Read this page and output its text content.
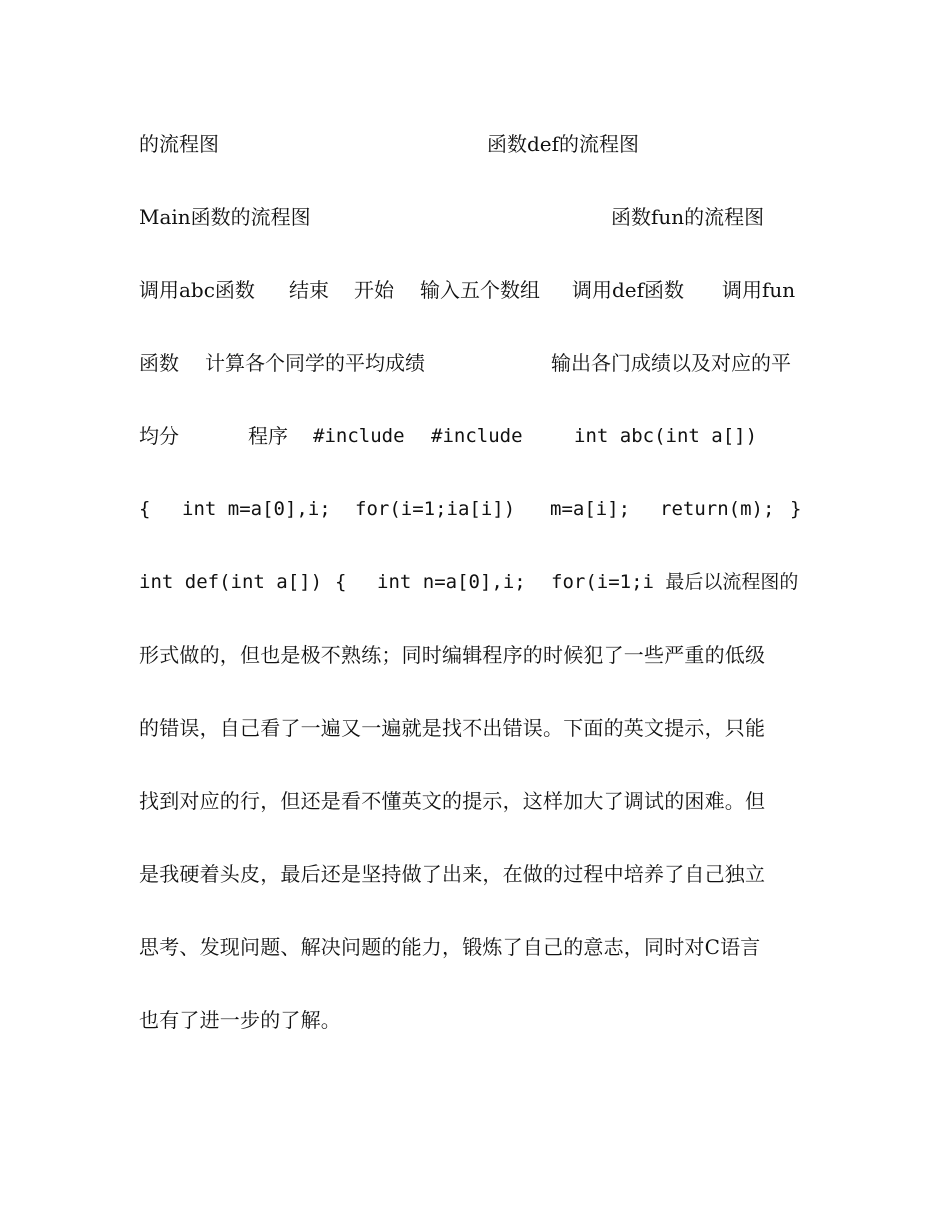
的流程图

	函数def的流程图

Main函数的流程图

	函数fun的流程图

调用abc函数

结束

开始

输入五个数组

调用def函数

调用fun

函数

计算各个同学的平均成绩

	输出各门成绩以及对应的平

均分

	程序

#include

#include

	int abc(int a[])

{

int m=a[0],i;

for(i=1;ia[i])

m=a[i];

return(m);

}

int def(int a[])

{

int n=a[0],i;

for(i=1;i 最后以流程图的

形式做的，但也是极不熟练；同时编辑程序的时候犯了一些严重的低级
的错误，自己看了一遍又一遍就是找不出错误。下面的英文提示，只能
找到对应的行，但还是看不懂英文的提示，这样加大了调试的困难。但
是我硬着头皮，最后还是坚持做了出来，在做的过程中培养了自己独立
思考、发现问题、解决问题的能力，锻炼了自己的意志，同时对C语言
也有了进一步的了解。
